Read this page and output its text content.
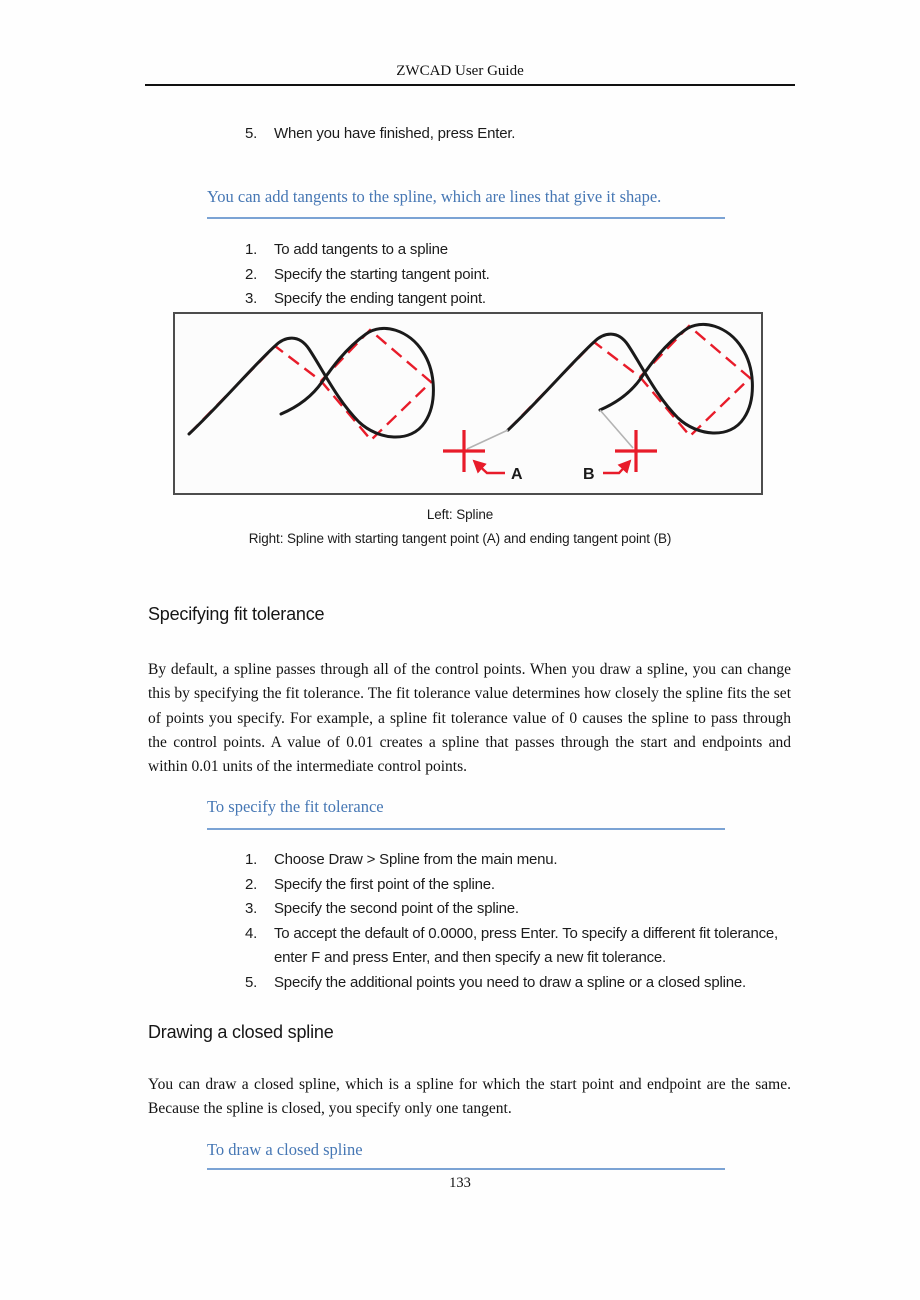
ZWCAD User Guide
5.	When you have finished, press Enter.
You can add tangents to the spline, which are lines that give it shape.
1.	To add tangents to a spline
2.	Specify the starting tangent point.
3.	Specify the ending tangent point.
A	B
Left: Spline
Right: Spline with starting tangent point (A) and ending tangent point (B)
Specifying fit tolerance
By default, a spline passes through all of the control points. When you draw a spline, you can change this by specifying the fit tolerance. The fit tolerance value determines how closely the spline fits the set of points you specify. For example, a spline fit tolerance value of 0 causes the spline to pass through the control points. A value of 0.01 creates a spline that passes through the start and endpoints and within 0.01 units of the intermediate control points.
To specify the fit tolerance
1.	Choose Draw > Spline from the main menu.
2.	Specify the first point of the spline.
3.	Specify the second point of the spline.
4.	To accept the default of 0.0000, press Enter. To specify a different fit tolerance, enter F and press Enter, and then specify a new fit tolerance.
5.	Specify the additional points you need to draw a spline or a closed spline.
Drawing a closed spline
You can draw a closed spline, which is a spline for which the start point and endpoint are the same. Because the spline is closed, you specify only one tangent.
To draw a closed spline
133
